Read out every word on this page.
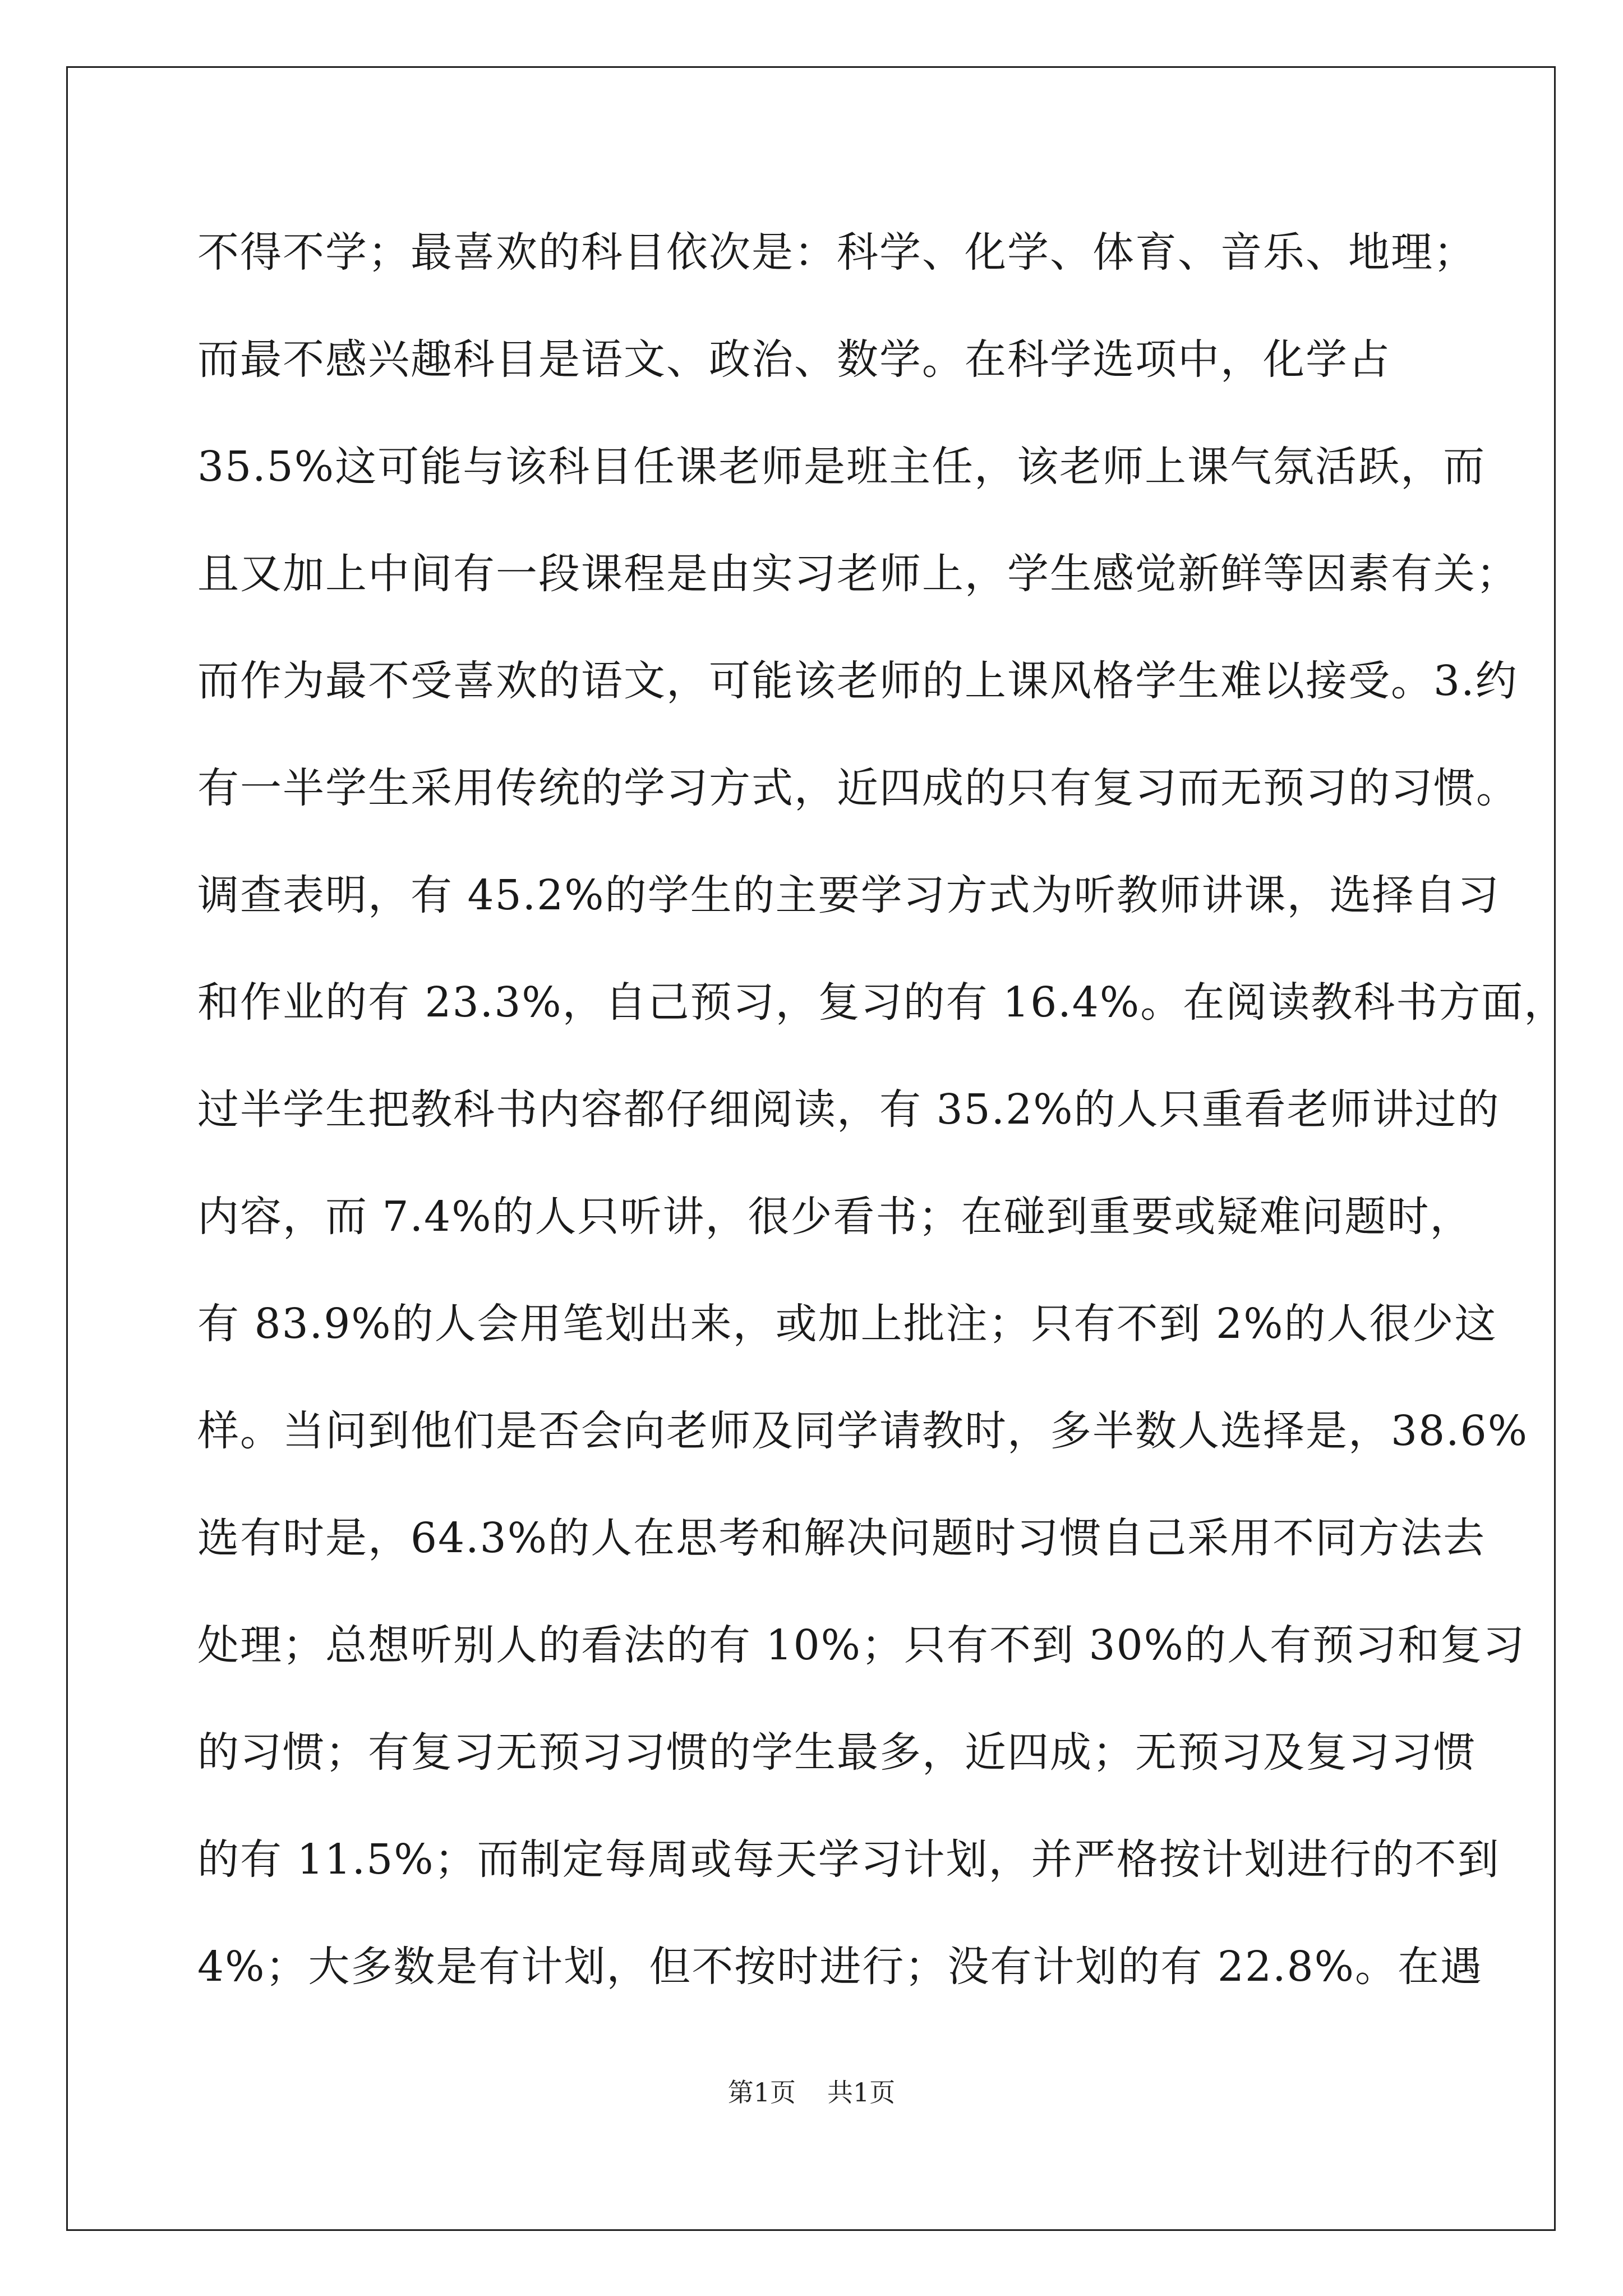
不得不学；最喜欢的科目依次是：科学、化学、体育、音乐、地理；
而最不感兴趣科目是语文、政治、数学。在科学选项中，化学占
35.5%这可能与该科目任课老师是班主任，该老师上课气氛活跃，而
且又加上中间有一段课程是由实习老师上，学生感觉新鲜等因素有关；
而作为最不受喜欢的语文，可能该老师的上课风格学生难以接受。3.约
有一半学生采用传统的学习方式，近四成的只有复习而无预习的习惯。
调查表明，有 45.2%的学生的主要学习方式为听教师讲课，选择自习
和作业的有 23.3%，自己预习，复习的有 16.4%。在阅读教科书方面，
过半学生把教科书内容都仔细阅读，有 35.2%的人只重看老师讲过的
内容，而 7.4%的人只听讲，很少看书；在碰到重要或疑难问题时，
有 83.9%的人会用笔划出来，或加上批注；只有不到 2%的人很少这
样。当问到他们是否会向老师及同学请教时，多半数人选择是，38.6%
选有时是，64.3%的人在思考和解决问题时习惯自己采用不同方法去
处理；总想听别人的看法的有 10%；只有不到 30%的人有预习和复习
的习惯；有复习无预习习惯的学生最多，近四成；无预习及复习习惯
的有 11.5%；而制定每周或每天学习计划，并严格按计划进行的不到
4%；大多数是有计划，但不按时进行；没有计划的有 22.8%。在遇
第1页 共1页
